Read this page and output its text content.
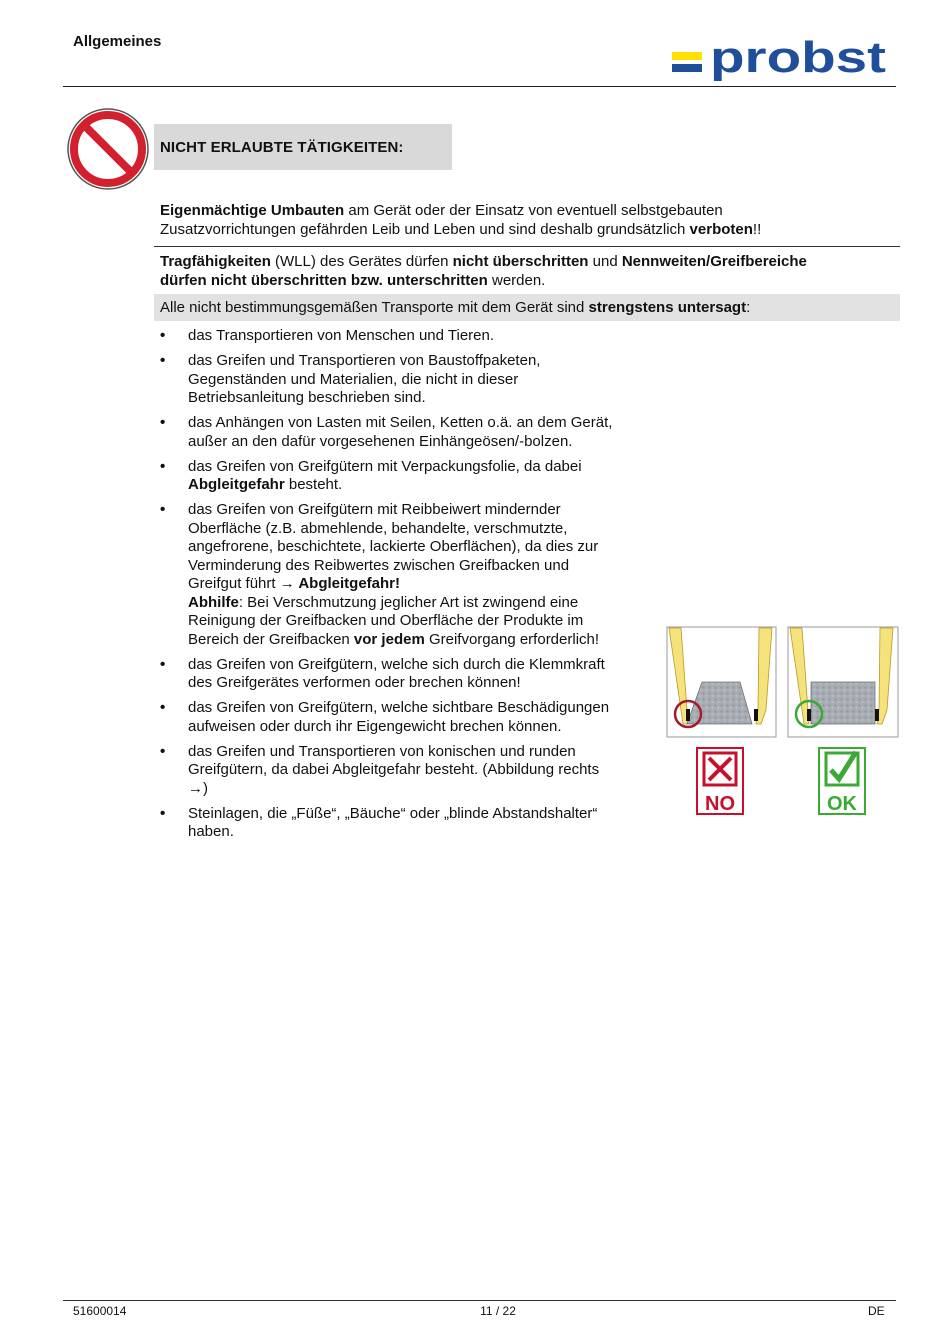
Allgemeines	probst
NICHT ERLAUBTE TÄTIGKEITEN:
Eigenmächtige Umbauten am Gerät oder der Einsatz von eventuell selbstgebauten
Zusatzvorrichtungen gefährden Leib und Leben und sind deshalb grundsätzlich verboten!!
Tragfähigkeiten (WLL) des Gerätes dürfen nicht überschritten und Nennweiten/Greifbereiche
dürfen nicht überschritten bzw. unterschritten werden.
Alle nicht bestimmungsgemäßen Transporte mit dem Gerät sind strengstens untersagt:
• das Transportieren von Menschen und Tieren.
• das Greifen und Transportieren von Baustoffpaketen,
Gegenständen und Materialien, die nicht in dieser
Betriebsanleitung beschrieben sind.
• das Anhängen von Lasten mit Seilen, Ketten o.ä. an dem Gerät,
außer an den dafür vorgesehenen Einhängeösen/-bolzen.
• das Greifen von Greifgütern mit Verpackungsfolie, da dabei
Abgleitgefahr besteht.
• das Greifen von Greifgütern mit Reibbeiwert mindernder
Oberfläche (z.B. abmehlende, behandelte, verschmutzte,
angefrorene, beschichtete, lackierte Oberflächen), da dies zur
Verminderung des Reibwertes zwischen Greifbacken und
Greifgut führt → Abgleitgefahr!
Abhilfe: Bei Verschmutzung jeglicher Art ist zwingend eine
Reinigung der Greifbacken und Oberfläche der Produkte im
Bereich der Greifbacken vor jedem Greifvorgang erforderlich!
• das Greifen von Greifgütern, welche sich durch die Klemmkraft
des Greifgerätes verformen oder brechen können!
• das Greifen von Greifgütern, welche sichtbare Beschädigungen
aufweisen oder durch ihr Eigengewicht brechen können.
• das Greifen und Transportieren von konischen und runden
Greifgütern, da dabei Abgleitgefahr besteht. (Abbildung rechts
→)
• Steinlagen, die „Füße“, „Bäuche“ oder „blinde Abstandshalter“
haben.
NO	OK
51600014	11 / 22	DE
